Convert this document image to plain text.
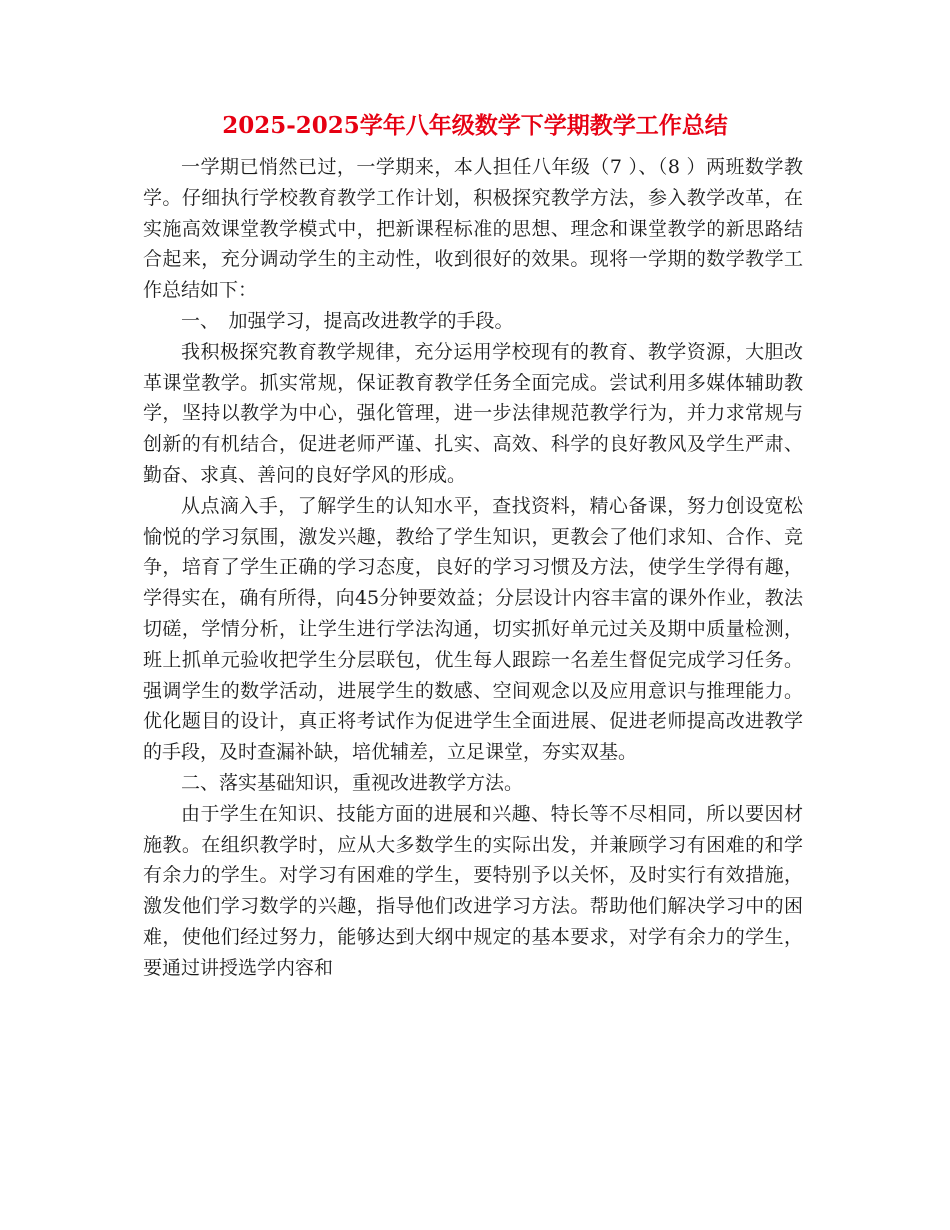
2025-2025学年八年级数学下学期教学工作总结

一学期已悄然已过，一学期来，本人担任八年级（7 ）、（8 ）两班数学教学。仔细执行学校教育教学工作计划，积极探究教学方法，参入教学改革，在实施高效课堂教学模式中，把新课程标准的思想、理念和课堂教学的新思路结合起来，充分调动学生的主动性，收到很好的效果。现将一学期的数学教学工作总结如下：

一、　加强学习，提高改进教学的手段。

我积极探究教育教学规律，充分运用学校现有的教育、教学资源，大胆改革课堂教学。抓实常规，保证教育教学任务全面完成。尝试利用多媒体辅助教学，坚持以教学为中心，强化管理，进一步法律规范教学行为，并力求常规与创新的有机结合，促进老师严谨、扎实、高效、科学的良好教风及学生严肃、勤奋、求真、善问的良好学风的形成。

从点滴入手，了解学生的认知水平，查找资料，精心备课，努力创设宽松愉悦的学习氛围，激发兴趣，教给了学生知识，更教会了他们求知、合作、竞争，培育了学生正确的学习态度，良好的学习习惯及方法，使学生学得有趣，学得实在，确有所得，向45分钟要效益；分层设计内容丰富的课外作业，教法切磋，学情分析，让学生进行学法沟通，切实抓好单元过关及期中质量检测，班上抓单元验收把学生分层联包，优生每人跟踪一名差生督促完成学习任务。强调学生的数学活动，进展学生的数感、空间观念以及应用意识与推理能力。优化题目的设计，真正将考试作为促进学生全面进展、促进老师提高改进教学的手段，及时查漏补缺，培优辅差，立足课堂，夯实双基。

二、落实基础知识，重视改进教学方法。

由于学生在知识、技能方面的进展和兴趣、特长等不尽相同，所以要因材施教。在组织教学时，应从大多数学生的实际出发，并兼顾学习有困难的和学有余力的学生。对学习有困难的学生，要特别予以关怀，及时实行有效措施，激发他们学习数学的兴趣，指导他们改进学习方法。帮助他们解决学习中的困难，使他们经过努力，能够达到大纲中规定的基本要求，对学有余力的学生，要通过讲授选学内容和
